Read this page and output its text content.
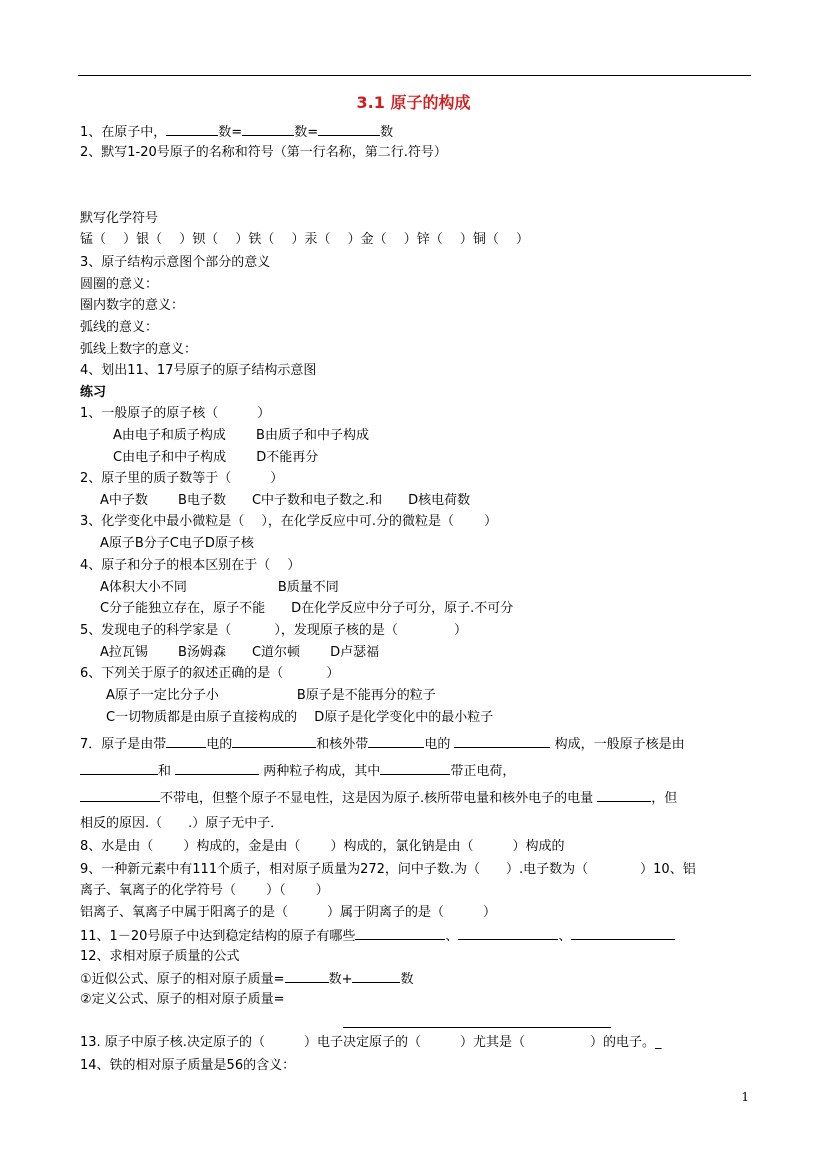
3.1 原子的构成
1、在原子中，	数=	数=	数
2、默写1-20号原子的名称和符号（第一行名称，第二行.符号）
默写化学符号
锰（　 ）银（　 ）钡（　 ）铁（　 ）汞（　 ）金（　 ）锌（　 ）铜（　 ）
3、原子结构示意图个部分的意义
圆圈的意义：
圈内数字的意义：
弧线的意义：
弧线上数字的意义：
4、划出11、17号原子的原子结构示意图
练习
1、一般原子的原子核（　　　）
A由电子和质子构成　　 B由质子和中子构成
C由电子和中子构成　　 D不能再分
2、原子里的质子数等于（　　　）
A中子数　　 B电子数　　C中子数和电子数之.和　　D核电荷数
3、化学变化中最小微粒是（　 ），在化学反应中可.分的微粒是（　　 ）
A原子B分子C电子D原子核
4、原子和分子的根本区别在于（　 ）
A体积大小不同　　　　　　　B质量不同
C分子能独立存在，原子不能　　D在化学反应中分子可分，原子.不可分
5、发现电子的科学家是（　　　 ），发现原子核的是（　　　　 ）
A拉瓦锡　　 B汤姆森　　C道尔顿　　 D卢瑟福
6、下列关于原子的叙述正确的是（　　　 ）
A原子一定比分子小　　　　　　B原子是不能再分的粒子
C一切物质都是由原子直接构成的　 D原子是化学变化中的最小粒子
7．原子是由带	电的	和核外带	电的	构成，一般原子核是由
和	两种粒子构成，其中	带正电荷，
不带电，但整个原子不显电性，这是因为原子.核所带电量和核外电子的电量	，但
相反的原因.（　　.）原子无中子．
8、水是由（　　 ）构成的，金是由（　　 ）构成的，氯化钠是由（　　　）构成的
9、一种新元素中有111个质子，相对原子质量为272，问中子数.为（　　）.电子数为（　　　　）10、铝
离子、氧离子的化学符号（　　 ）（　　 ）
铝离子、氧离子中属于阳离子的是（　　　）属于阴离子的是（　　　）
11、1－20号原子中达到稳定结构的原子有哪些	、	、
12、求相对原子质量的公式
①近似公式、原子的相对原子质量=	数+	数
②定义公式、原子的相对原子质量=
13. 原子中原子核.决定原子的（　　　）电子决定原子的（　　　）尤其是（　　　　　）的电子。_
14、铁的相对原子质量是56的含义：
1
